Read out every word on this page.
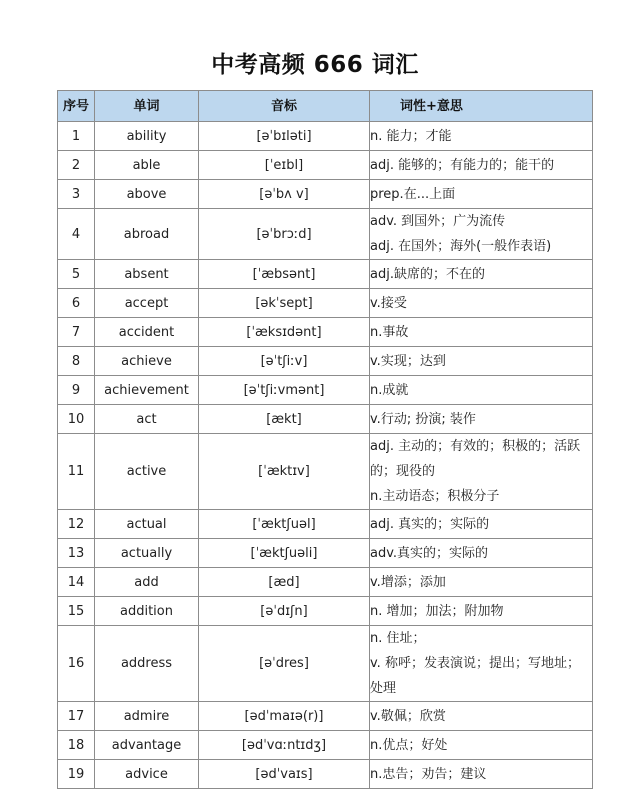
中考高频 666 词汇
序号	单词	音标	词性+意思
1	ability	[əˈbɪləti]	n. 能力；才能

2	able	[ˈeɪbl]	adj. 能够的；有能力的；能干的

3	above	[əˈbʌ v]	prep.在...上面

4	abroad	[əˈbrɔːd]	adv. 到国外；广为流传
adj. 在国外；海外(一般作表语)

5	absent	[ˈæbsənt]	adj.缺席的；不在的

6	accept	[əkˈsept]	v.接受

7	accident	[ˈæksɪdənt]	n.事故

8	achieve	[əˈtʃiːv]	v.实现；达到

9	achievement	[əˈtʃiːvmənt]	n.成就

10	act	[ækt]	v.行动; 扮演; 装作

11	active	[ˈæktɪv]	adj. 主动的；有效的；积极的；活跃
的；现役的
n.主动语态；积极分子

12	actual	[ˈæktʃuəl]	adj. 真实的；实际的

13	actually	[ˈæktʃuəli]	adv.真实的；实际的

14	add	[æd]	v.增添；添加

15	addition	[əˈdɪʃn]	n. 增加；加法；附加物

16	address	[əˈdres]	n. 住址；
v. 称呼；发表演说；提出；写地址；
处理

17	admire	[ədˈmaɪə(r)]	v.敬佩；欣赏

18	advantage	[ədˈvɑːntɪdʒ]	n.优点；好处

19	advice	[ədˈvaɪs]	n.忠告；劝告；建议
